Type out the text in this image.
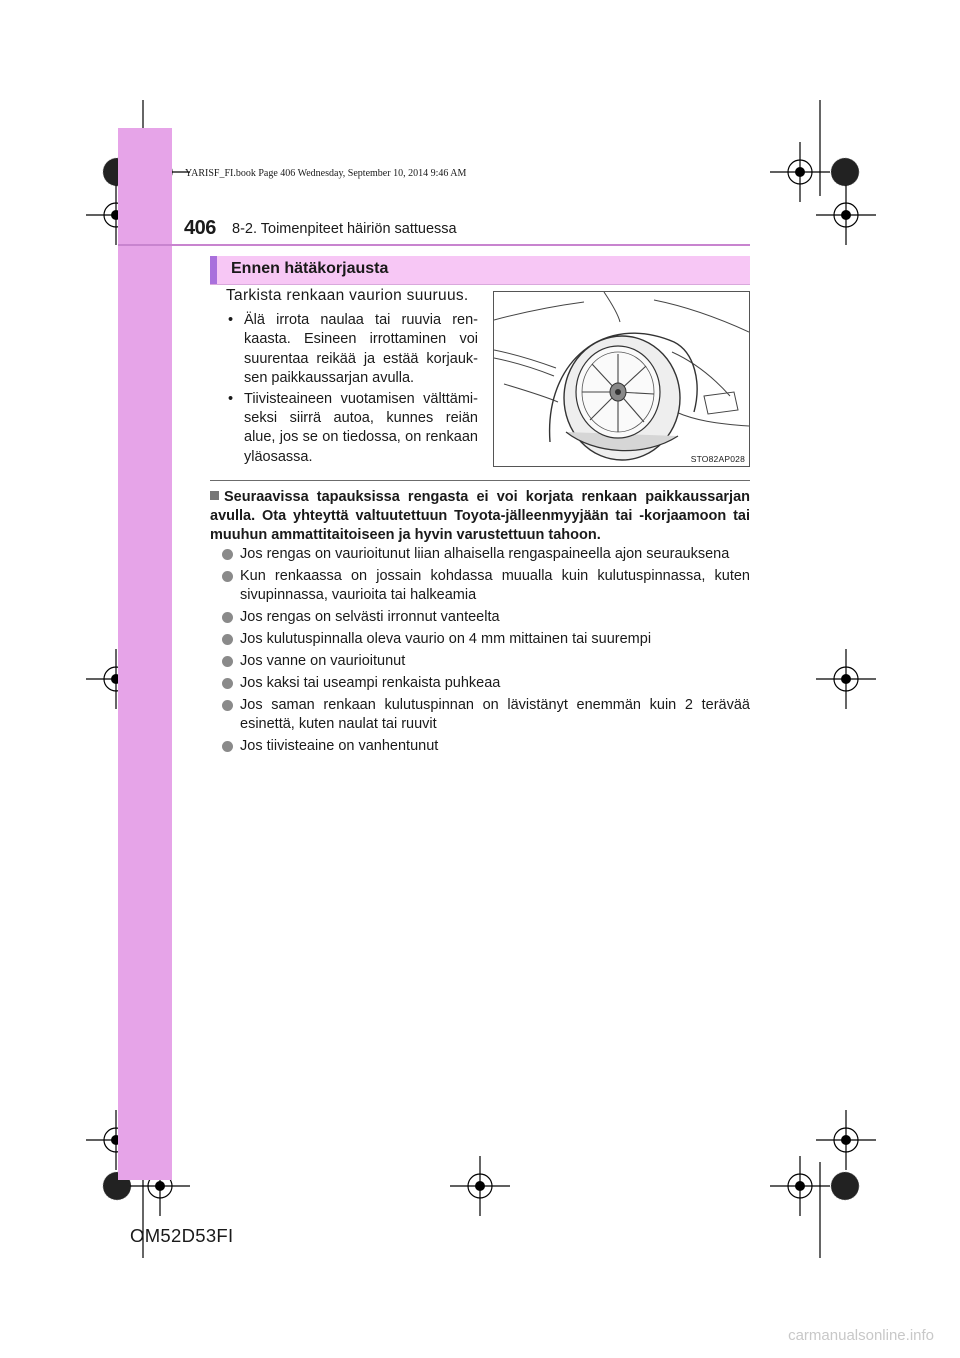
YARISF_FI.book Page 406 Wednesday, September 10, 2014 9:46 AM
406 8-2. Toimenpiteet häiriön sattuessa
Ennen hätäkorjausta
Tarkista renkaan vaurion suuruus.
• Älä irrota naulaa tai ruuvia renkaasta. Esineen irrottaminen voi suurentaa reikää ja estää korjauksen paikkaussarjan avulla.
• Tiivisteaineen vuotamisen välttämiseksi siirrä autoa, kunnes reiän alue, jos se on tiedossa, on renkaan yläosassa.	STO82AP028
Seuraavissa tapauksissa rengasta ei voi korjata renkaan paikkaussarjan avulla. Ota yhteyttä valtuutettuun Toyota-jälleenmyyjään tai -korjaamoon tai muuhun ammattitaitoiseen ja hyvin varustettuun tahoon.
Jos rengas on vaurioitunut liian alhaisella rengaspaineella ajon seurauksena
Kun renkaassa on jossain kohdassa muualla kuin kulutuspinnassa, kuten sivupinnassa, vaurioita tai halkeamia
Jos rengas on selvästi irronnut vanteelta
Jos kulutuspinnalla oleva vaurio on 4 mm mittainen tai suurempi
Jos vanne on vaurioitunut
Jos kaksi tai useampi renkaista puhkeaa
Jos saman renkaan kulutuspinnan on lävistänyt enemmän kuin 2 terävää esinettä, kuten naulat tai ruuvit
Jos tiivisteaine on vanhentunut
OM52D53FI
carmanualsonline.info
